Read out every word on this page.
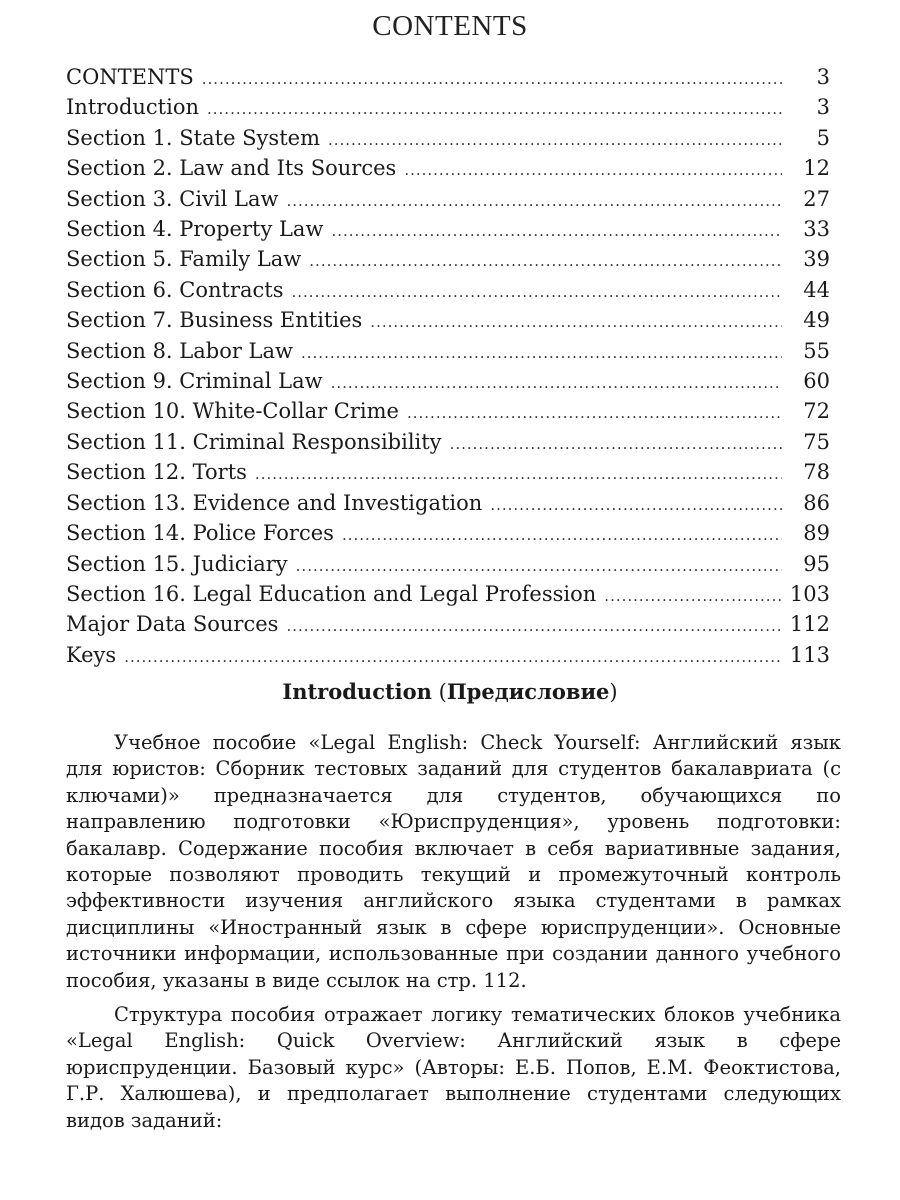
CONTENTS
CONTENTS .....	3
Introduction .....	3
Section 1. State System .....	5
Section 2. Law and Its Sources .....	12
Section 3. Civil Law .....	27
Section 4. Property Law .....	33
Section 5. Family Law .....	39
Section 6. Contracts .....	44
Section 7. Business Entities .....	49
Section 8. Labor Law .....	55
Section 9. Criminal Law .....	60
Section 10. White-Collar Crime .....	72
Section 11. Criminal Responsibility .....	75
Section 12. Torts .....	78
Section 13. Evidence and Investigation .....	86
Section 14. Police Forces .....	89
Section 15. Judiciary .....	95
Section 16. Legal Education and Legal Profession .....	103
Major Data Sources .....	112
Keys .....	113
Introduction (Предисловие)

Учебное пособие «Legal English: Check Yourself: Английский язык для юристов: Сборник тестовых заданий для студентов бакалавриата (с ключами)» предназначается для студентов, обучающихся по направлению подготовки «Юриспруденция», уровень подготовки: бакалавр. Содержание пособия включает в себя вариативные задания, которые позволяют проводить текущий и промежуточный контроль эффективности изучения английского языка студентами в рамках дисциплины «Иностранный язык в сфере юриспруденции». Основные источники информации, использованные при создании данного учебного пособия, указаны в виде ссылок на стр. 112.

Структура пособия отражает логику тематических блоков учебника «Legal English: Quick Overview: Английский язык в сфере юриспруденции. Базовый курс» (Авторы: Е.Б. Попов, Е.М. Феоктистова, Г.Р. Халюшева), и предполагает выполнение студентами следующих видов заданий:
